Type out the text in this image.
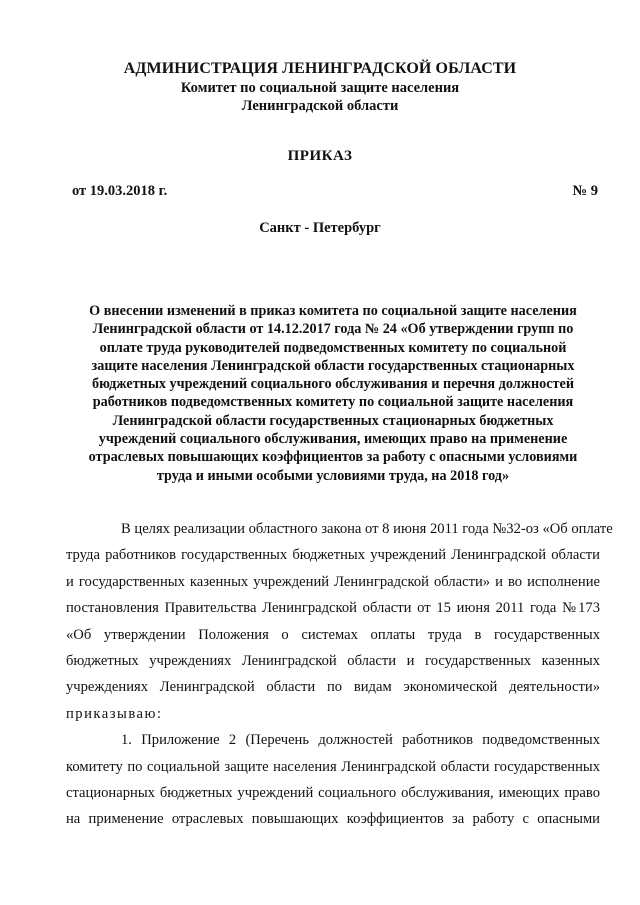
АДМИНИСТРАЦИЯ ЛЕНИНГРАДСКОЙ ОБЛАСТИ
Комитет по социальной защите населения
Ленинградской области
ПРИКАЗ
от 19.03.2018 г.	№ 9
Санкт - Петербург
О внесении изменений в приказ комитета по социальной защите населения
Ленинградской области от 14.12.2017 года № 24 «Об утверждении групп по
оплате труда руководителей подведомственных комитету по социальной
защите населения Ленинградской области государственных стационарных
бюджетных учреждений социального обслуживания и перечня должностей
работников подведомственных комитету по социальной защите населения
Ленинградской области государственных стационарных бюджетных
учреждений социального обслуживания, имеющих право на применение
отраслевых повышающих коэффициентов за работу с опасными условиями
труда и иными особыми условиями труда, на 2018 год»
В целях реализации областного закона от 8 июня 2011 года №32-оз «Об оплате
труда работников государственных бюджетных учреждений Ленинградской области
и государственных казенных учреждений Ленинградской области» и во исполнение
постановления Правительства Ленинградской области от 15 июня 2011 года №173
«Об утверждении Положения о системах оплаты труда в государственных
бюджетных учреждениях Ленинградской области и государственных казенных
учреждениях Ленинградской области по видам экономической деятельности»
приказываю:
1. Приложение 2 (Перечень должностей работников подведомственных
комитету по социальной защите населения Ленинградской области государственных
стационарных бюджетных учреждений социального обслуживания, имеющих право
на применение отраслевых повышающих коэффициентов за работу с опасными
